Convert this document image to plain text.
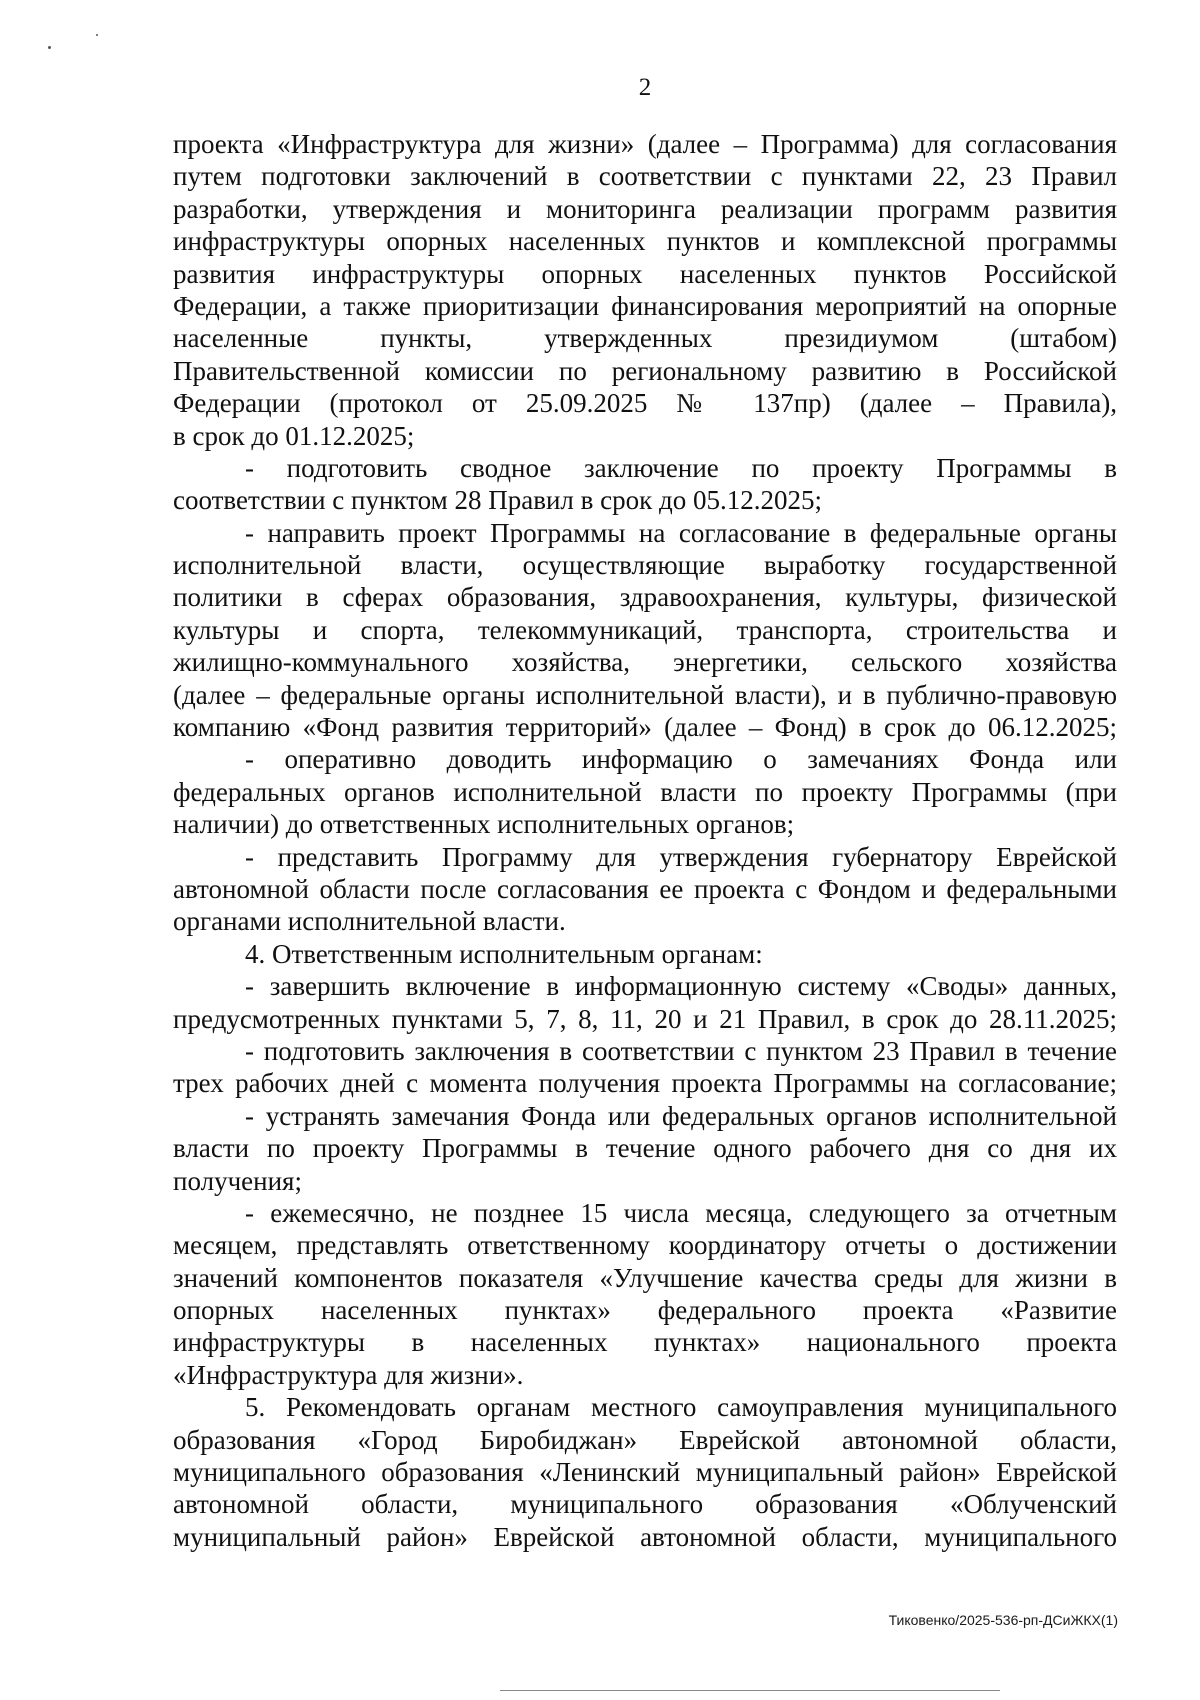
2
проекта «Инфраструктура для жизни» (далее – Программа) для согласования
путем подготовки заключений в соответствии с пунктами 22, 23 Правил
разработки, утверждения и мониторинга реализации программ развития
инфраструктуры опорных населенных пунктов и комплексной программы
развития инфраструктуры опорных населенных пунктов Российской
Федерации, а также приоритизации финансирования мероприятий на опорные
населенные пункты, утвержденных президиумом (штабом)
Правительственной комиссии по региональному развитию в Российской
Федерации (протокол от 25.09.2025 № 137пр) (далее – Правила),
в срок до 01.12.2025;
- подготовить сводное заключение по проекту Программы в
соответствии с пунктом 28 Правил в срок до 05.12.2025;
- направить проект Программы на согласование в федеральные органы
исполнительной власти, осуществляющие выработку государственной
политики в сферах образования, здравоохранения, культуры, физической
культуры и спорта, телекоммуникаций, транспорта, строительства и
жилищно-коммунального хозяйства, энергетики, сельского хозяйства
(далее – федеральные органы исполнительной власти), и в публично-правовую
компанию «Фонд развития территорий» (далее – Фонд) в срок до 06.12.2025;
- оперативно доводить информацию о замечаниях Фонда или
федеральных органов исполнительной власти по проекту Программы (при
наличии) до ответственных исполнительных органов;
- представить Программу для утверждения губернатору Еврейской
автономной области после согласования ее проекта с Фондом и федеральными
органами исполнительной власти.
4. Ответственным исполнительным органам:
- завершить включение в информационную систему «Своды» данных,
предусмотренных пунктами 5, 7, 8, 11, 20 и 21 Правил, в срок до 28.11.2025;
- подготовить заключения в соответствии с пунктом 23 Правил в течение
трех рабочих дней с момента получения проекта Программы на согласование;
- устранять замечания Фонда или федеральных органов исполнительной
власти по проекту Программы в течение одного рабочего дня со дня их
получения;
- ежемесячно, не позднее 15 числа месяца, следующего за отчетным
месяцем, представлять ответственному координатору отчеты о достижении
значений компонентов показателя «Улучшение качества среды для жизни в
опорных населенных пунктах» федерального проекта «Развитие
инфраструктуры в населенных пунктах» национального проекта
«Инфраструктура для жизни».
5. Рекомендовать органам местного самоуправления муниципального
образования «Город Биробиджан» Еврейской автономной области,
муниципального образования «Ленинский муниципальный район» Еврейской
автономной области, муниципального образования «Облученский
муниципальный район» Еврейской автономной области, муниципального
Тиковенко/2025-536-рп-ДСиЖКХ(1)
